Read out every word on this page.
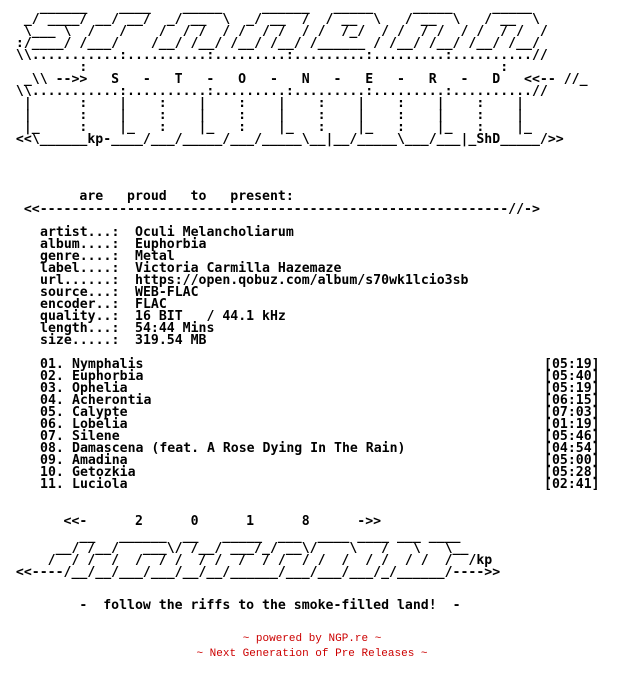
______    ____    _____     ______   _____     _____     _____
_/ ____/ __/ __/  _/ __  \  _/ __  /  / __  \   / __  \   / __  \
\___ \  /   /    /  / /  / /  / /  / /  /_/  / /  / /  / /  / /  /
:/____/ /___/    /__/ /__/ /__/ /__/ /______ / /__/ /__/ /__/ /__/
\\...........:..........:.........:.........:.........:..........//
:                                                    :
_\\ -->>   S   -   T   -   O   -   N   -   E   -   R   -   D   <<-- //_
\\...........:..........:.........:.........:.........:..........//
|      :    |    :    |    :    |    :    |    :    |    :    |
|      :    |    :    |    :    |    :    |    :    |    :    |
|_     :    |_   :    |_   :    |_   :    |_   :    |_   :    |_
<<\______kp-____/___/_____/___/_____\__|__/_____\___/___|_ShD_____/>>

are   proud   to   present:
<<-----------------------------------------------------------//->
artist...: Oculi Melancholiarum
album....: Euphorbia
genre....: Metal
label....: Victoria Carmilla Hazemaze
url......: https://open.qobuz.com/album/s70wk1lcio3sb
source...: WEB-FLAC
encoder..: FLAC
quality..: 16 BIT   / 44.1 kHz
length...: 54:44 Mins
size.....: 319.54 MB
01. Nymphalis	[05:19]
02. Euphorbia	[05:40]
03. Ophelia	[05:19]
04. Acherontia	[06:15]
05. Calypte	[07:03]
06. Lobelia	[01:19]
07. Silene	[05:46]
08. Damascena (feat. A Rose Dying In The Rain)	[04:54]
09. Amadina	[05:00]
10. Getozkia	[05:28]
11. Luciola	[02:41]
<<-      2      0      1      8      ->>
__   ______  __   _____  ___  ____ ____ ___ ____
__/ /__/   ___\/ /__/ ___/_/ __\/    \   /   \   \__
/  / /  /  /  / /  / /  /  / /  / /  /  / /  / /  /  /kp
<<----/__/__/___/___/__/__/______/___/___/___/_/______/---->>

-  follow the riffs to the smoke-filled land!  -
~ powered by NGP.re ~
~ Next Generation of Pre Releases ~
